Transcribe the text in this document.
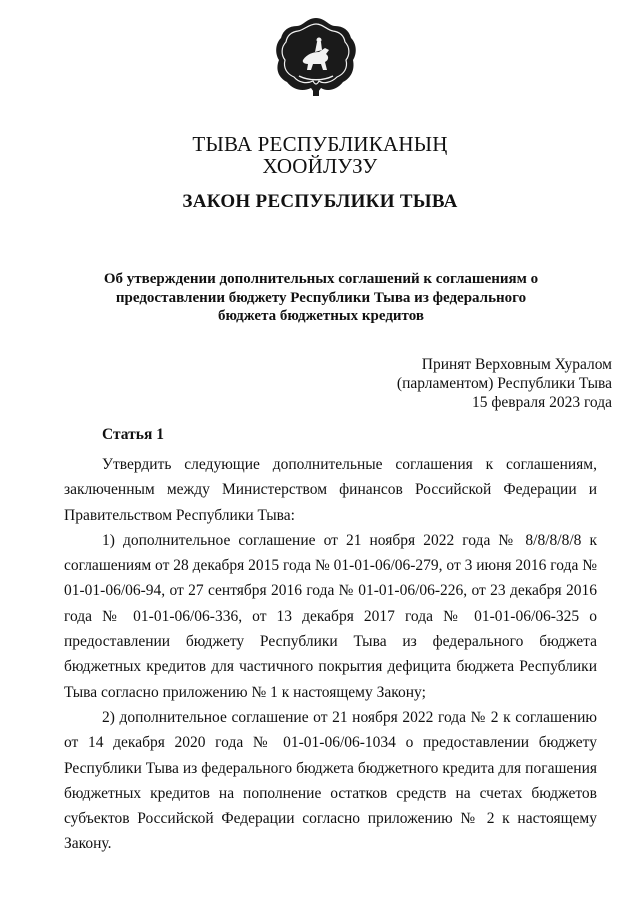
ТЫВА РЕСПУБЛИКАНЫҢ
ХООЙЛУЗУ
ЗАКОН РЕСПУБЛИКИ ТЫВА
Об утверждении дополнительных соглашений к соглашениям о
предоставлении бюджету Республики Тыва из федерального
бюджета бюджетных кредитов
Принят Верховным Хуралом
(парламентом) Республики Тыва
15 февраля 2023 года
Статья 1

Утвердить следующие дополнительные соглашения к соглашениям, заключенным между Министерством финансов Российской Федерации и Правительством Республики Тыва:

1) дополнительное соглашение от 21 ноября 2022 года № 8/8/8/8/8 к соглашениям от 28 декабря 2015 года № 01-01-06/06-279, от 3 июня 2016 года № 01-01-06/06-94, от 27 сентября 2016 года № 01-01-06/06-226, от 23 декабря 2016 года № 01-01-06/06-336, от 13 декабря 2017 года № 01-01-06/06-325 о предоставлении бюджету Республики Тыва из федерального бюджета бюджетных кредитов для частичного покрытия дефицита бюджета Республики Тыва согласно приложению № 1 к настоящему Закону;

2) дополнительное соглашение от 21 ноября 2022 года № 2 к соглашению от 14 декабря 2020 года № 01-01-06/06-1034 о предоставлении бюджету Республики Тыва из федерального бюджета бюджетного кредита для погашения бюджетных кредитов на пополнение остатков средств на счетах бюджетов субъектов Российской Федерации согласно приложению № 2 к настоящему Закону.
